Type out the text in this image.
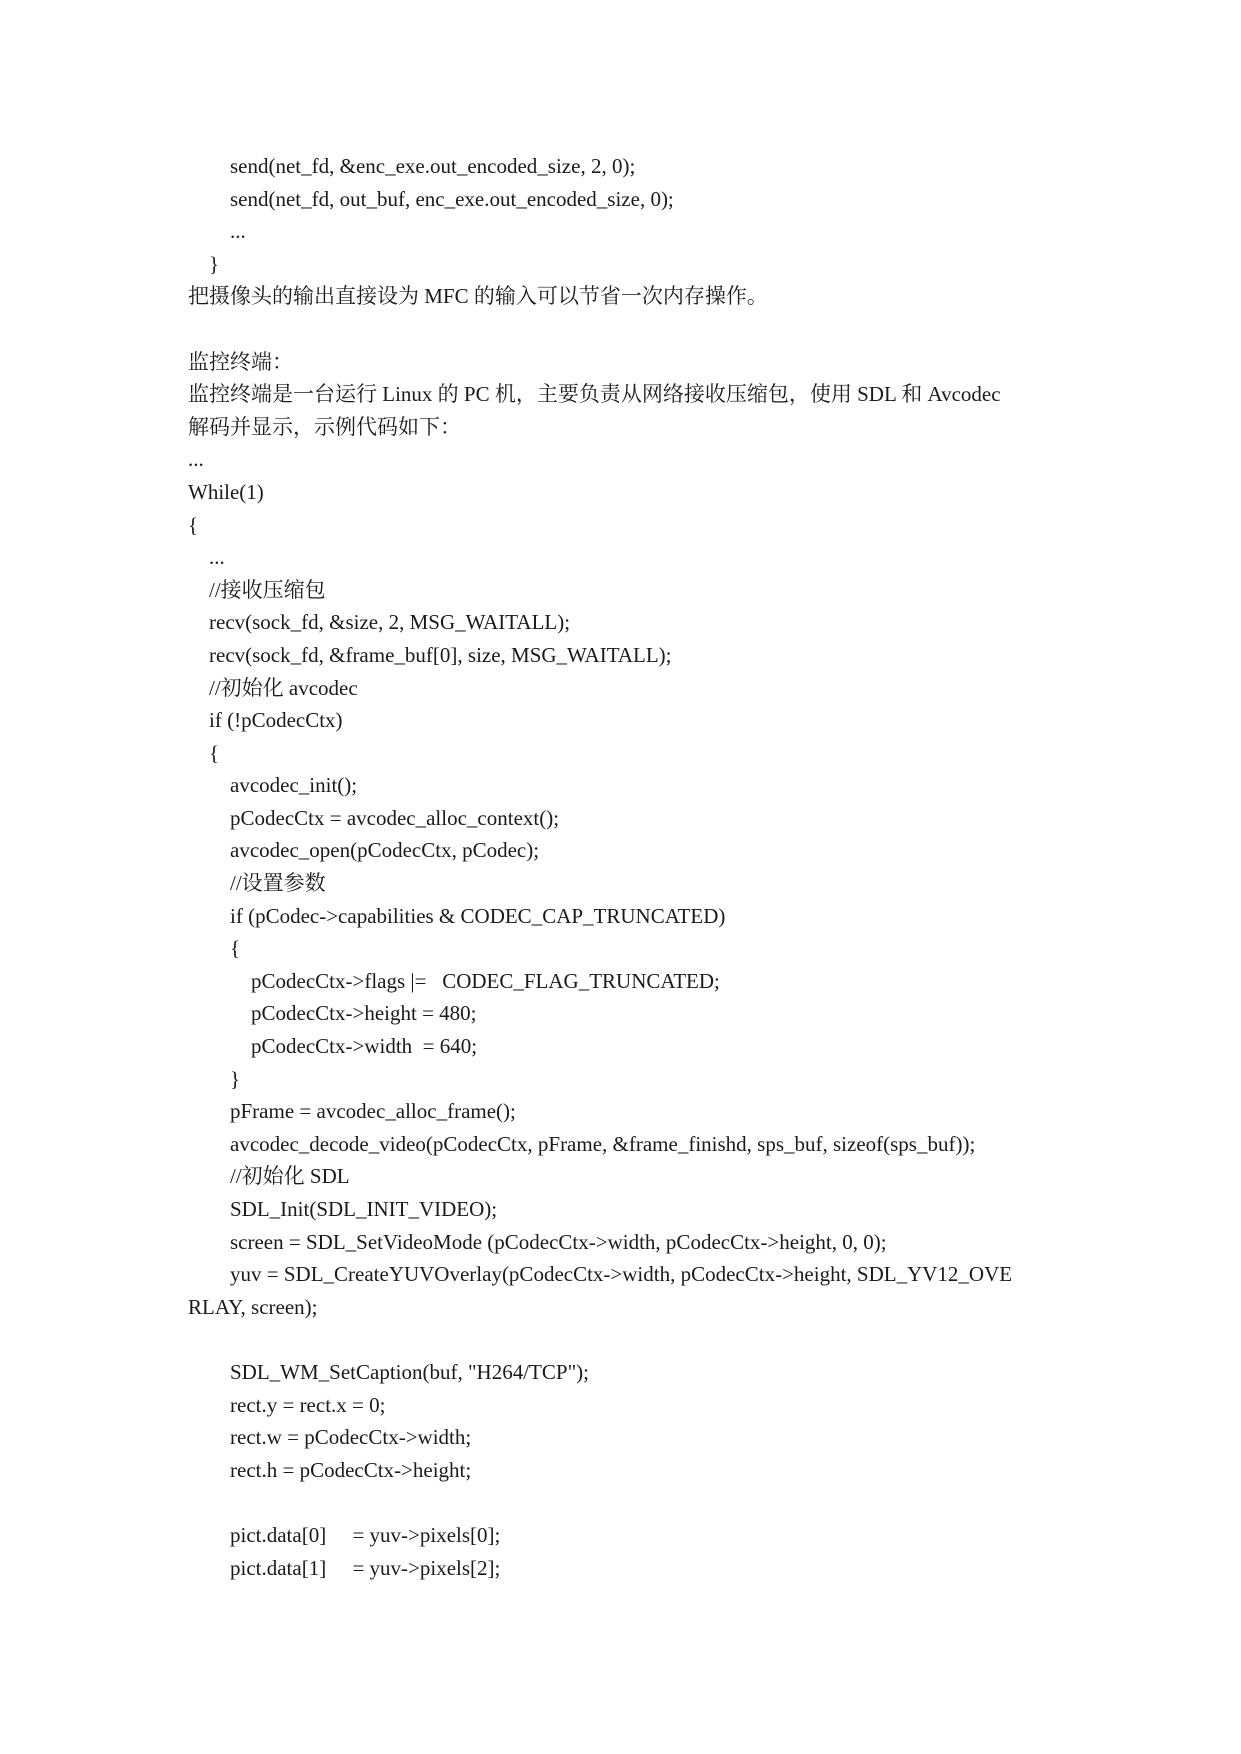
send(net_fd, &enc_exe.out_encoded_size, 2, 0);
send(net_fd, out_buf, enc_exe.out_encoded_size, 0);
...
}
把摄像头的输出直接设为 MFC 的输入可以节省一次内存操作。
监控终端：
监控终端是一台运行 Linux 的 PC 机，主要负责从网络接收压缩包，使用 SDL 和 Avcodec
解码并显示，示例代码如下：
...
While(1)
{
...
//接收压缩包
recv(sock_fd, &size, 2, MSG_WAITALL);
recv(sock_fd, &frame_buf[0], size, MSG_WAITALL);
//初始化 avcodec
if (!pCodecCtx)
{
avcodec_init();
pCodecCtx = avcodec_alloc_context();
avcodec_open(pCodecCtx, pCodec);
//设置参数
if (pCodec->capabilities & CODEC_CAP_TRUNCATED)
{
pCodecCtx->flags |=   CODEC_FLAG_TRUNCATED;
pCodecCtx->height = 480;
pCodecCtx->width  = 640;
}
pFrame = avcodec_alloc_frame();
avcodec_decode_video(pCodecCtx, pFrame, &frame_finishd, sps_buf, sizeof(sps_buf));
//初始化 SDL
SDL_Init(SDL_INIT_VIDEO);
screen = SDL_SetVideoMode (pCodecCtx->width, pCodecCtx->height, 0, 0);
yuv = SDL_CreateYUVOverlay(pCodecCtx->width, pCodecCtx->height, SDL_YV12_OVE
RLAY, screen);
SDL_WM_SetCaption(buf, "H264/TCP");
rect.y = rect.x = 0;
rect.w = pCodecCtx->width;
rect.h = pCodecCtx->height;
pict.data[0]     = yuv->pixels[0];
pict.data[1]     = yuv->pixels[2];
